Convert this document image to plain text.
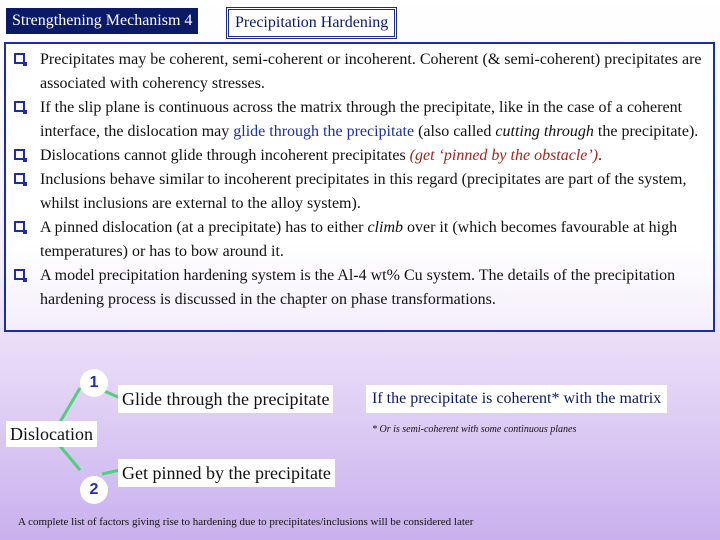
Strengthening Mechanism 4	Precipitation Hardening
Precipitates may be coherent, semi-coherent or incoherent. Coherent (& semi-coherent) precipitates are associated with coherency stresses.
If the slip plane is continuous across the matrix through the precipitate, like in the case of a coherent interface, the dislocation may glide through the precipitate (also called cutting through the precipitate).
Dislocations cannot glide through incoherent precipitates (get ‘pinned by the obstacle’).
Inclusions behave similar to incoherent precipitates in this regard (precipitates are part of the system, whilst inclusions are external to the alloy system).
A pinned dislocation (at a precipitate) has to either climb over it (which becomes favourable at high temperatures) or has to bow around it.
A model precipitation hardening system is the Al-4 wt% Cu system. The details of the precipitation hardening process is discussed in the chapter on phase transformations.
1
2
Glide through the precipitate	If the precipitate is coherent* with the matrix
* Or is semi-coherent with some continuous planes
Dislocation
Get pinned by the precipitate
A complete list of factors giving rise to hardening due to precipitates/inclusions will be considered later
